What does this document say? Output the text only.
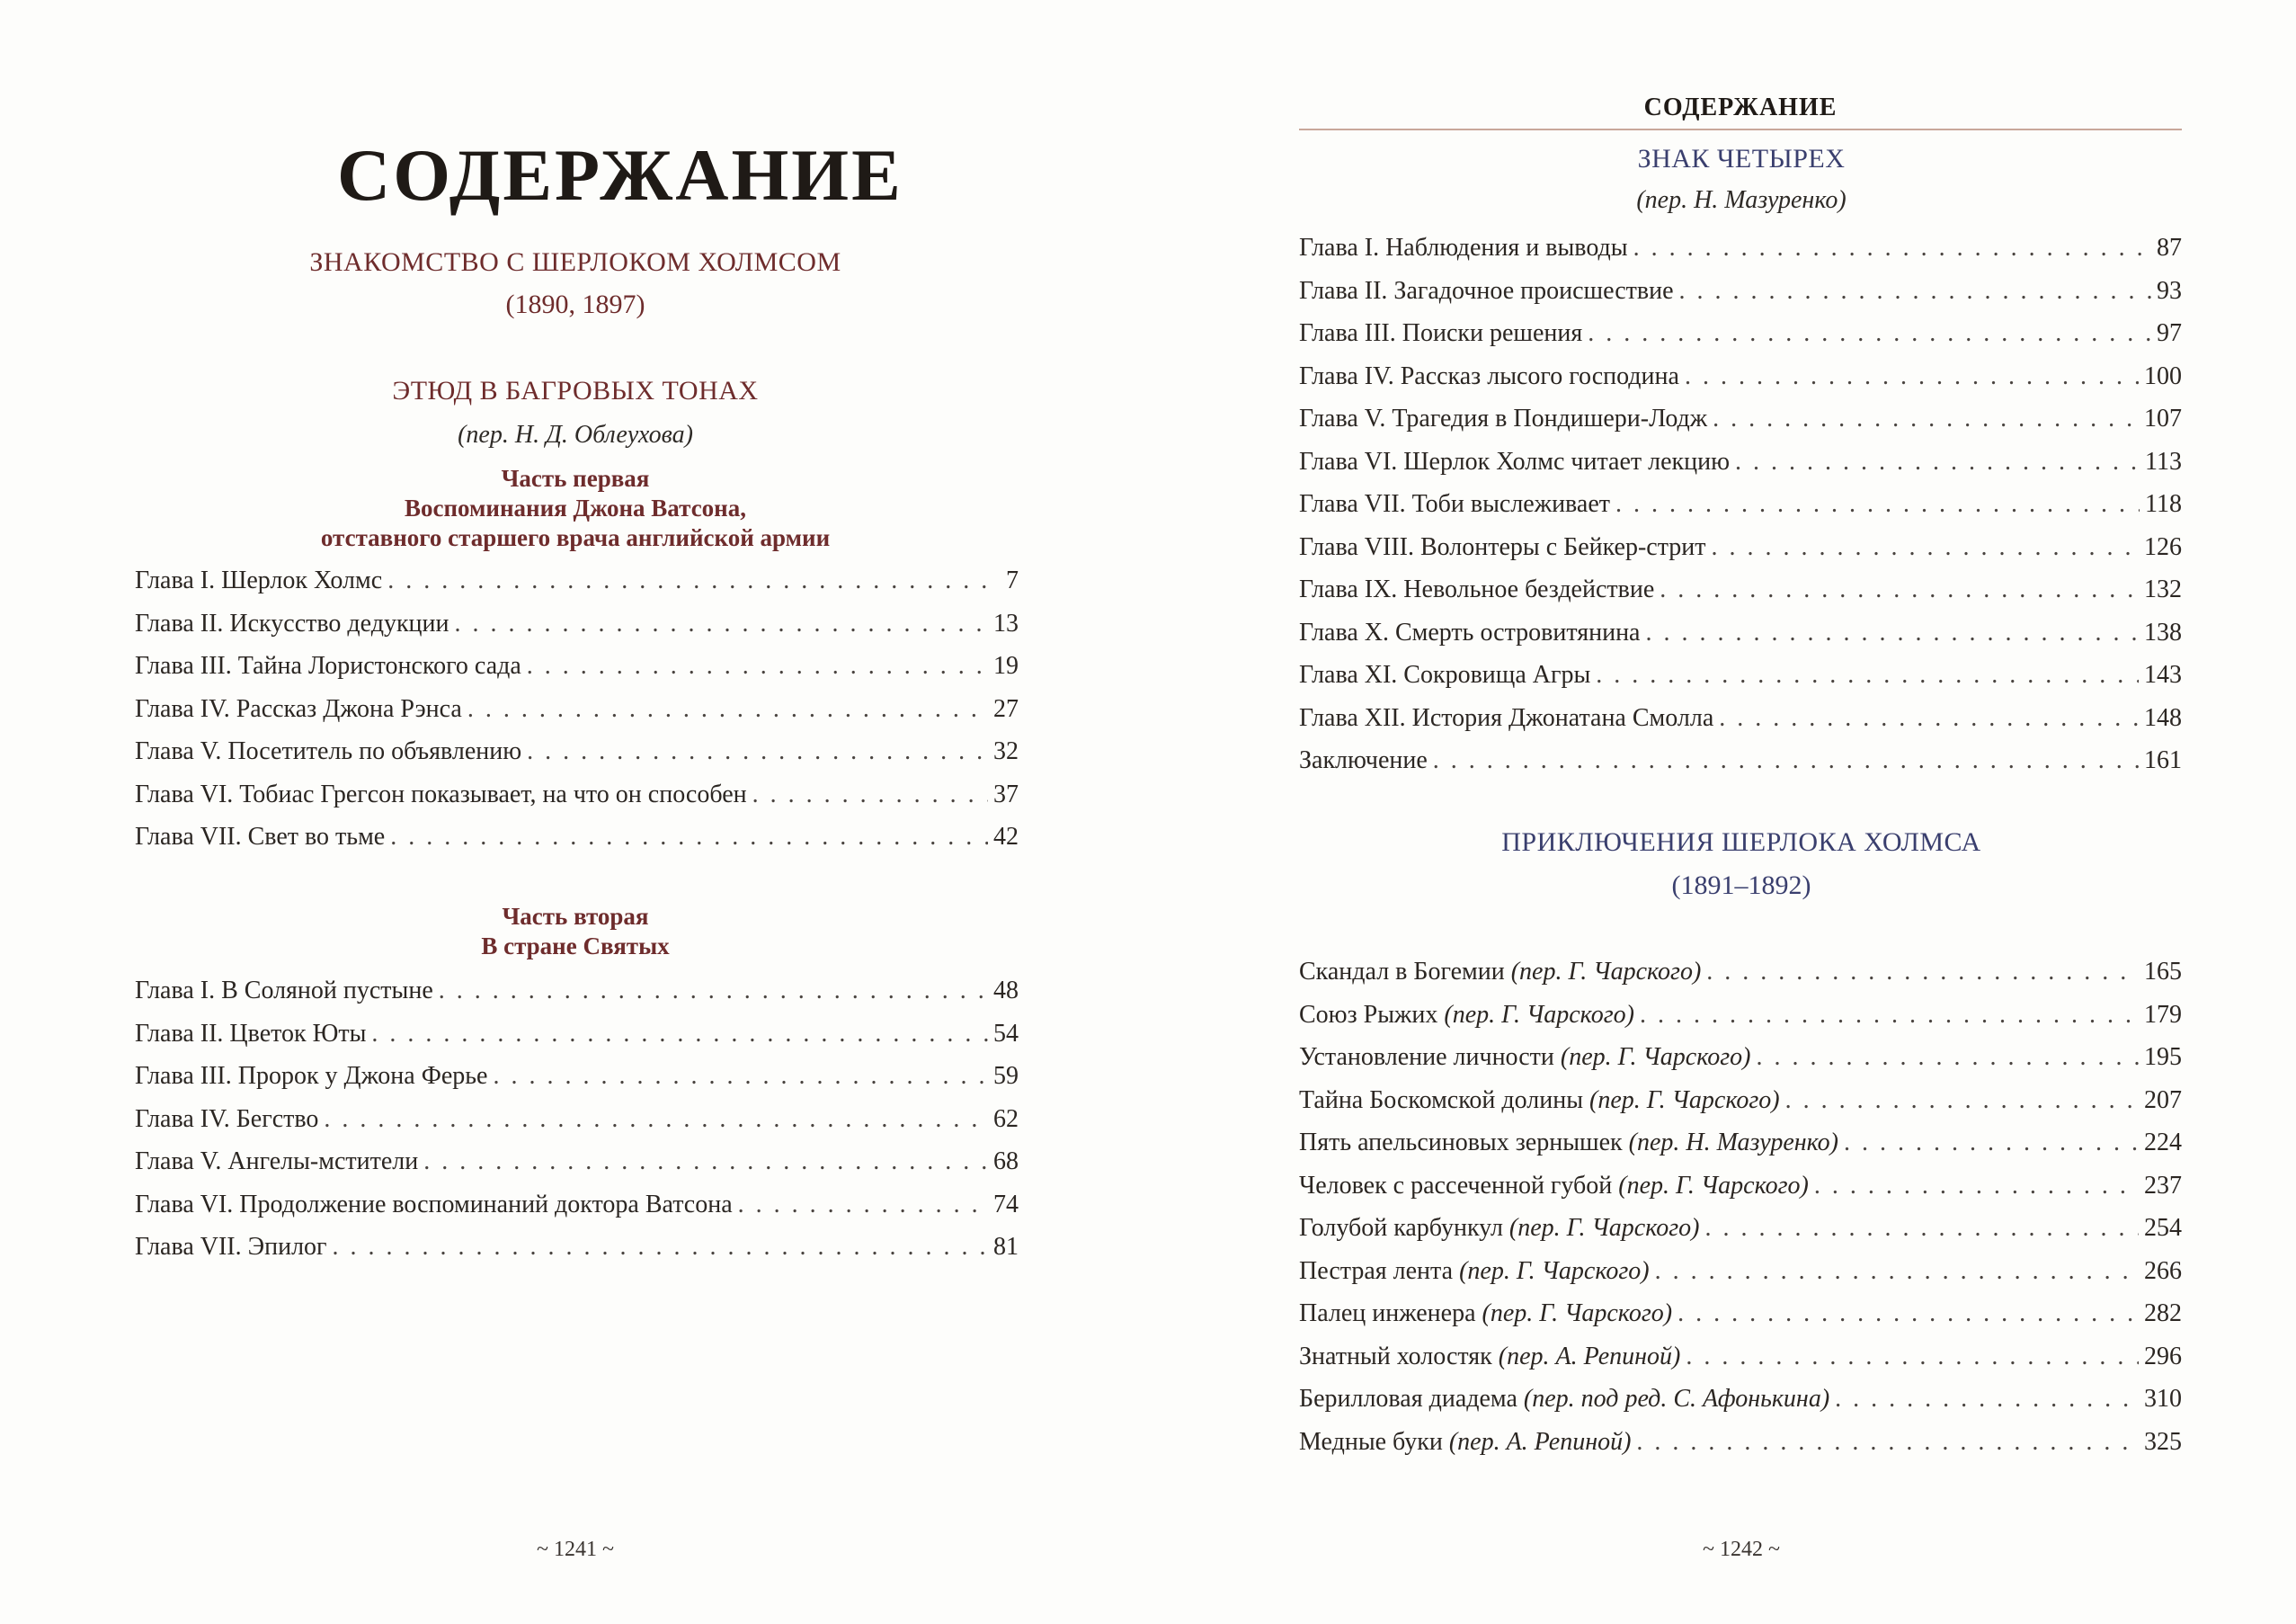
СОДЕРЖАНИЕ
ЗНАКОМСТВО С ШЕРЛОКОМ ХОЛМСОМ
(1890, 1897)
ЭТЮД В БАГРОВЫХ ТОНАХ
(пер. Н. Д. Облеухова)
Часть первая
Воспоминания Джона Ватсона,
отставного старшего врача английской армии
Глава I. Шерлок Холмс . . .	7
Глава II. Искусство дедукции . . .	13
Глава III. Тайна Лористонского сада . . .	19
Глава IV. Рассказ Джона Рэнса . . .	27
Глава V. Посетитель по объявлению . . .	32
Глава VI. Тобиас Грегсон показывает, на что он способен . . .	37
Глава VII. Свет во тьме . . .	42
Часть вторая
В стране Святых
Глава I. В Соляной пустыне . . .	48
Глава II. Цветок Юты . . .	54
Глава III. Пророк у Джона Ферье . . .	59
Глава IV. Бегство . . .	62
Глава V. Ангелы-мстители . . .	68
Глава VI. Продолжение воспоминаний доктора Ватсона . . .	74
Глава VII. Эпилог . . .	81
~ 1241 ~
СОДЕРЖАНИЕ
ЗНАК ЧЕТЫРЕХ
(пер. Н. Мазуренко)
Глава I. Наблюдения и выводы . . .	87
Глава II. Загадочное происшествие . . .	93
Глава III. Поиски решения . . .	97
Глава IV. Рассказ лысого господина . . .	100
Глава V. Трагедия в Пондишери-Лодж . . .	107
Глава VI. Шерлок Холмс читает лекцию . . .	113
Глава VII. Тоби выслеживает . . .	118
Глава VIII. Волонтеры с Бейкер-стрит . . .	126
Глава IX. Невольное бездействие . . .	132
Глава X. Смерть островитянина . . .	138
Глава XI. Сокровища Агры . . .	143
Глава XII. История Джонатана Смолла . . .	148
Заключение . . .	161
ПРИКЛЮЧЕНИЯ ШЕРЛОКА ХОЛМСА
(1891–1892)
Скандал в Богемии (пер. Г. Чарского) . . .	165
Союз Рыжих (пер. Г. Чарского) . . .	179
Установление личности (пер. Г. Чарского) . . .	195
Тайна Боскомской долины (пер. Г. Чарского) . . .	207
Пять апельсиновых зернышек (пер. Н. Мазуренко) . . .	224
Человек с рассеченной губой (пер. Г. Чарского) . . .	237
Голубой карбункул (пер. Г. Чарского) . . .	254
Пестрая лента (пер. Г. Чарского) . . .	266
Палец инженера (пер. Г. Чарского) . . .	282
Знатный холостяк (пер. А. Репиной) . . .	296
Берилловая диадема (пер. под ред. С. Афонькина) . . .	310
Медные буки (пер. А. Репиной) . . .	325
~ 1242 ~
